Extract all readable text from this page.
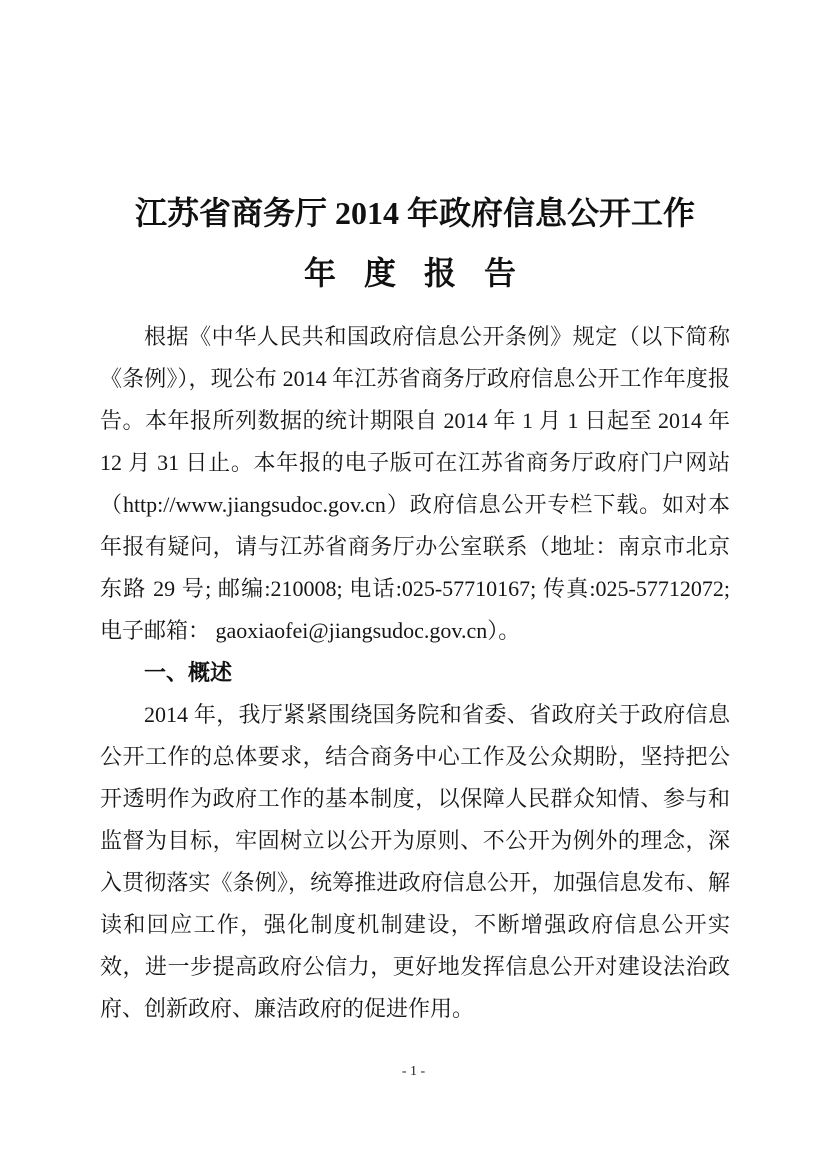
江苏省商务厅 2014 年政府信息公开工作
年 度 报 告

根据《中华人民共和国政府信息公开条例》规定（以下简称《条例》），现公布 2014 年江苏省商务厅政府信息公开工作年度报告。本年报所列数据的统计期限自 2014 年 1 月 1 日起至 2014 年 12 月 31 日止。本年报的电子版可在江苏省商务厅政府门户网站（http://www.jiangsudoc.gov.cn）政府信息公开专栏下载。如对本年报有疑问，请与江苏省商务厅办公室联系（地址：南京市北京东路 29 号; 邮编:210008; 电话:025-57710167; 传真:025-57712072; 电子邮箱： gaoxiaofei@jiangsudoc.gov.cn）。

一、概述

2014 年，我厅紧紧围绕国务院和省委、省政府关于政府信息公开工作的总体要求，结合商务中心工作及公众期盼，坚持把公开透明作为政府工作的基本制度，以保障人民群众知情、参与和监督为目标，牢固树立以公开为原则、不公开为例外的理念，深入贯彻落实《条例》，统筹推进政府信息公开，加强信息发布、解读和回应工作，强化制度机制建设，不断增强政府信息公开实效，进一步提高政府公信力，更好地发挥信息公开对建设法治政府、创新政府、廉洁政府的促进作用。

- 1 -
